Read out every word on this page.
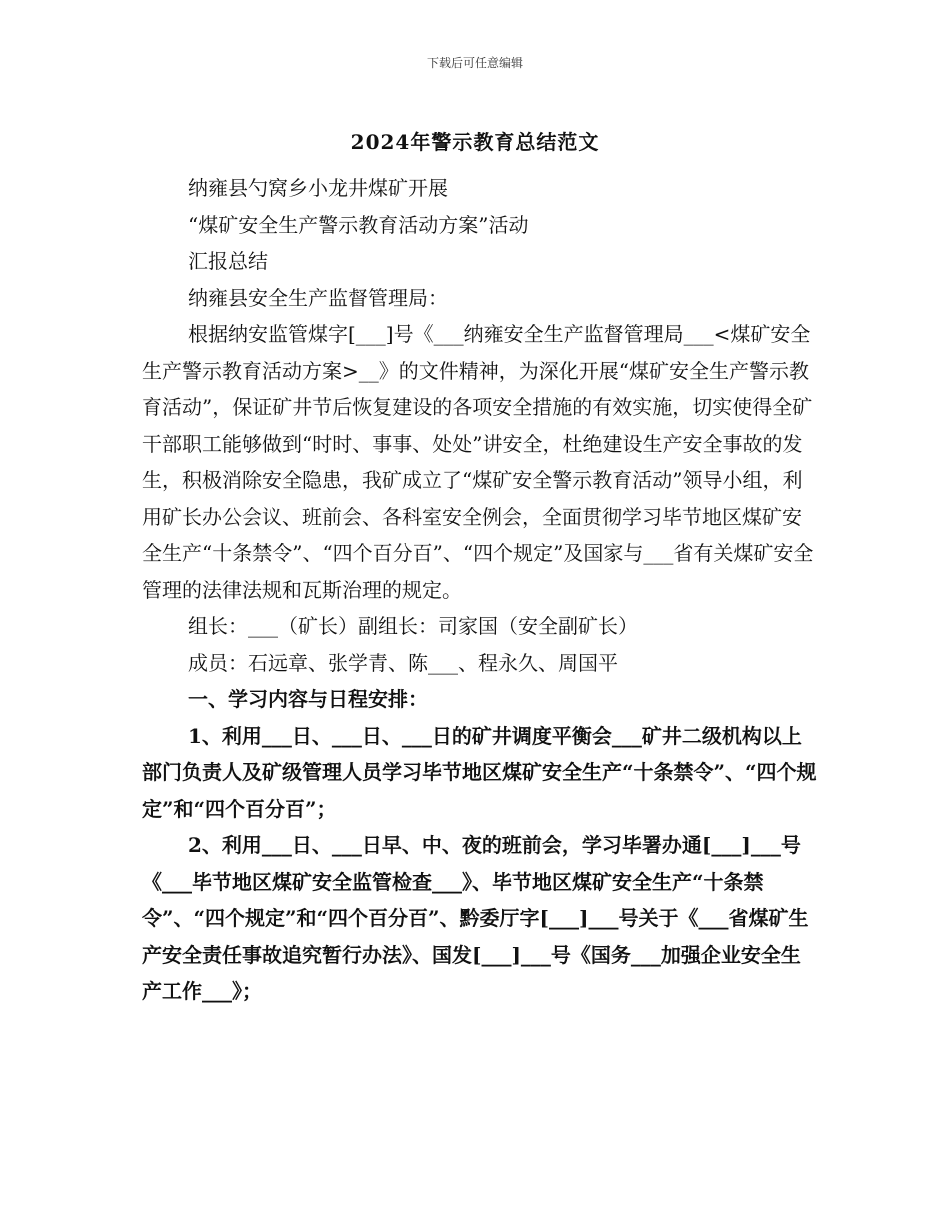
下载后可任意编辑
2024年警示教育总结范文

纳雍县勺窝乡小龙井煤矿开展

“煤矿安全生产警示教育活动方案”活动

汇报总结

纳雍县安全生产监督管理局：

根据纳安监管煤字[___]号《___纳雍安全生产监督管理局___<煤矿安全生产警示教育活动方案>__》的文件精神，为深化开展“煤矿安全生产警示教育活动”，保证矿井节后恢复建设的各项安全措施的有效实施，切实使得全矿干部职工能够做到“时时、事事、处处”讲安全，杜绝建设生产安全事故的发生，积极消除安全隐患，我矿成立了“煤矿安全警示教育活动”领导小组，利用矿长办公会议、班前会、各科室安全例会，全面贯彻学习毕节地区煤矿安全生产“十条禁令”、“四个百分百”、“四个规定”及国家与___省有关煤矿安全管理的法律法规和瓦斯治理的规定。

组长：___（矿长）副组长：司家国（安全副矿长）

成员：石远章、张学青、陈___、程永久、周国平

一、学习内容与日程安排：

1、利用___日、___日、___日的矿井调度平衡会___矿井二级机构以上部门负责人及矿级管理人员学习毕节地区煤矿安全生产“十条禁令”、“四个规定”和“四个百分百”；

2、利用___日、___日早、中、夜的班前会，学习毕署办通[___]___号《___毕节地区煤矿安全监管检查___》、毕节地区煤矿安全生产“十条禁令”、“四个规定”和“四个百分百”、黔委厅字[___]___号关于《___省煤矿生产安全责任事故追究暂行办法》、国发[___]___号《国务___加强企业安全生产工作___》；
